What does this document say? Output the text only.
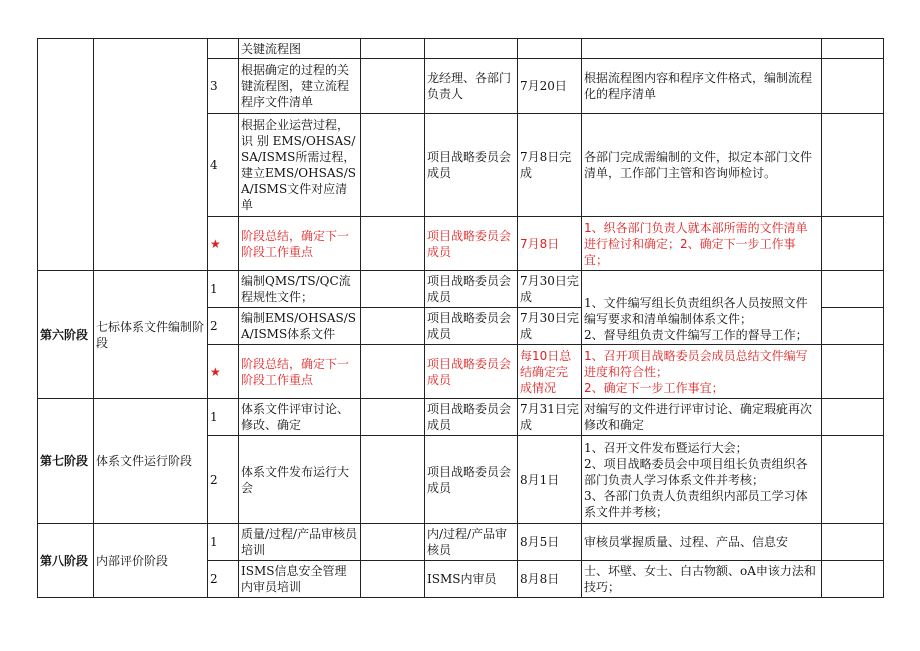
			关键流程图					
		3	根据确定的过程的关键流程图，建立流程程序文件清单		龙经理、各部门负责人	7月20日	根据流程图内容和程序文件格式，编制流程化的程序清单	
		4	根据企业运营过程，识 别 EMS/OHSAS/SA/ISMS所需过程，建立EMS/OHSAS/SA/ISMS文件对应清单		项目战略委员会成员	7月8日完成	各部门完成需编制的文件，拟定本部门文件清单，工作部门主管和咨询师检讨。	
		★	阶段总结，确定下一阶段工作重点		项目战略委员会成员	7月8日	1、织各部门负责人就本部所需的文件清单进行检讨和确定；2、确定下一步工作事宜；	
第六阶段	七标体系文件编制阶段	1	编制QMS/TS/QC流程规性文件；		项目战略委员会成员	7月30日完成	1、文件编写组长负责组织各人员按照文件编写要求和清单编制体系文件；
2、督导组负责文件编写工作的督导工作；	
		2	编制EMS/OHSAS/SA/ISMS体系文件		项目战略委员会成员	7月30日完成		
		★	阶段总结，确定下一阶段工作重点		项目战略委员会成员	每10日总结确定完成情况	1、召开项目战略委员会成员总结文件编写进度和符合性；
2、确定下一步工作事宜；	
第七阶段	体系文件运行阶段	1	体系文件评审讨论、修改、确定		项目战略委员会成员	7月31日完成	对编写的文件进行评审讨论、确定瑕疵再次修改和确定	
		2	体系文件发布运行大会		项目战略委员会成员	8月1日	1、召开文件发布暨运行大会；
2、项目战略委员会中项目组长负责组织各部门负责人学习体系文件并考核；
3、各部门负责人负责组织内部员工学习体系文件并考核；	
第八阶段	内部评价阶段	1	质量/过程/产品审核员培训		内/过程/产品审核员	8月5日	审核员掌握质量、过程、产品、信息安	
		2	ISMS信息安全管理内审员培训		ISMS内审员	8月8日	士、坏壁、女士、白古物额、oA申该力法和技巧；	
